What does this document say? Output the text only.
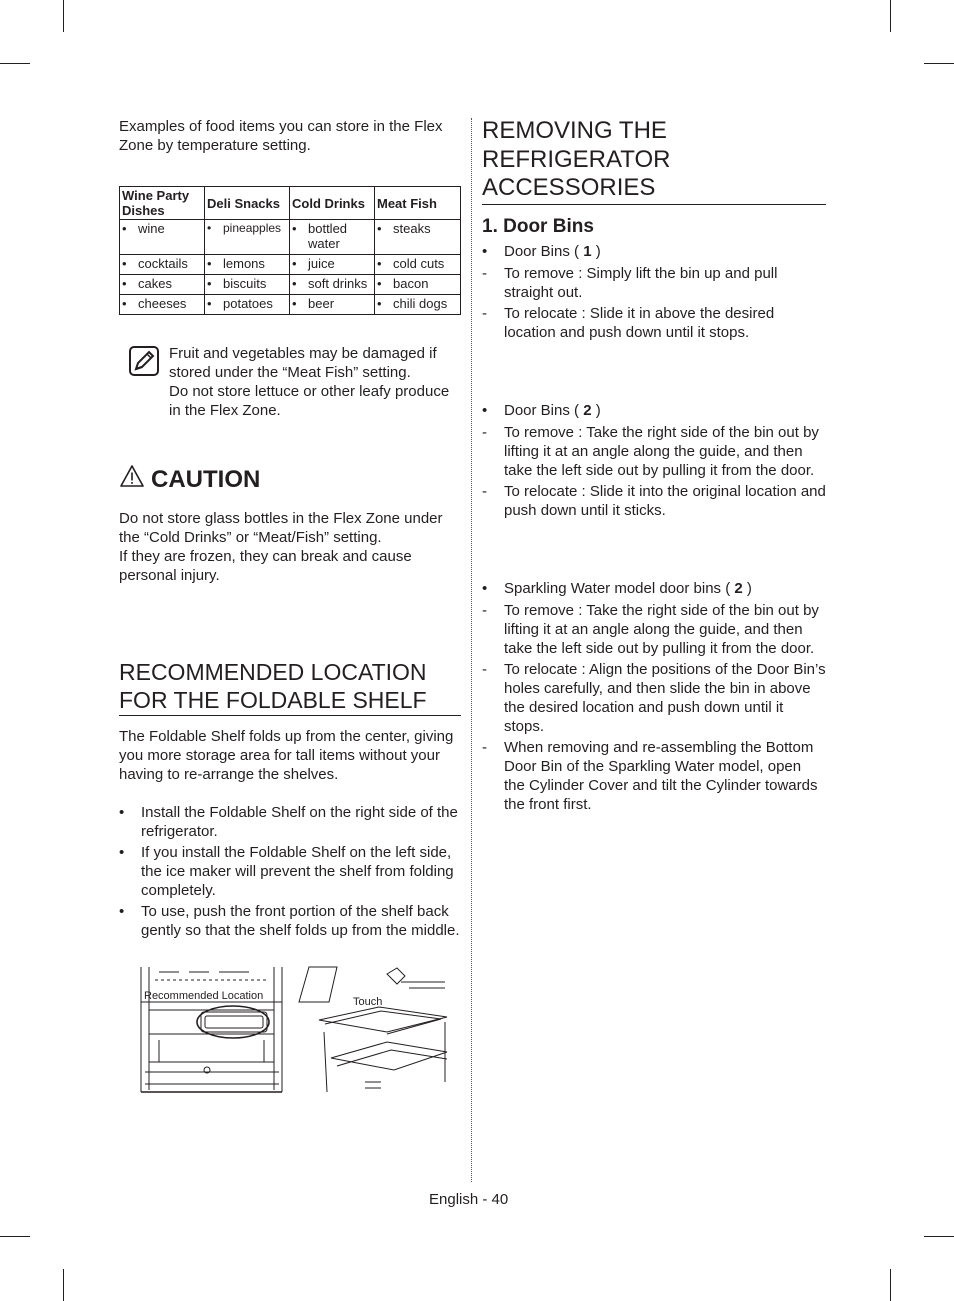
Examples of food items you can store in the Flex Zone by temperature setting.

Wine Party Dishes	Deli Snacks	Cold Drinks	Meat Fish
• wine	• pineapples	• bottled water	• steaks
• cocktails	• lemons	• juice	• cold cuts
• cakes	• biscuits	• soft drinks	• bacon
• cheeses	• potatoes	• beer	• chili dogs

Fruit and vegetables may be damaged if stored under the “Meat Fish” setting.

Do not store lettuce or other leafy produce in the Flex Zone.

CAUTION

Do not store glass bottles in the Flex Zone under the “Cold Drinks” or “Meat/Fish” setting.

If they are frozen, they can break and cause personal injury.

RECOMMENDED LOCATION
FOR THE FOLDABLE SHELF

The Foldable Shelf folds up from the center, giving you more storage area for tall items without your having to re-arrange the shelves.

• Install the Foldable Shelf on the right side of the refrigerator.
• If you install the Foldable Shelf on the left side, the ice maker will prevent the shelf from folding completely.
• To use, push the front portion of the shelf back gently so that the shelf folds up from the middle.
Recommended Location	Touch
REMOVING THE
REFRIGERATOR
ACCESSORIES
1. Door Bins
• Door Bins ( 1 )
- To remove : Simply lift the bin up and pull straight out.
- To relocate : Slide it in above the desired location and push down until it stops.
• Door Bins ( 2 )
- To remove : Take the right side of the bin out by lifting it at an angle along the guide, and then take the left side out by pulling it from the door.
- To relocate : Slide it into the original location and push down until it sticks.
• Sparkling Water model door bins ( 2 )
- To remove : Take the right side of the bin out by lifting it at an angle along the guide, and then take the left side out by pulling it from the door.
- To relocate : Align the positions of the Door Bin’s holes carefully, and then slide the bin in above the desired location and push down until it stops.
- When removing and re-assembling the Bottom Door Bin of the Sparkling Water model, open the Cylinder Cover and tilt the Cylinder towards the front first.
English - 40
